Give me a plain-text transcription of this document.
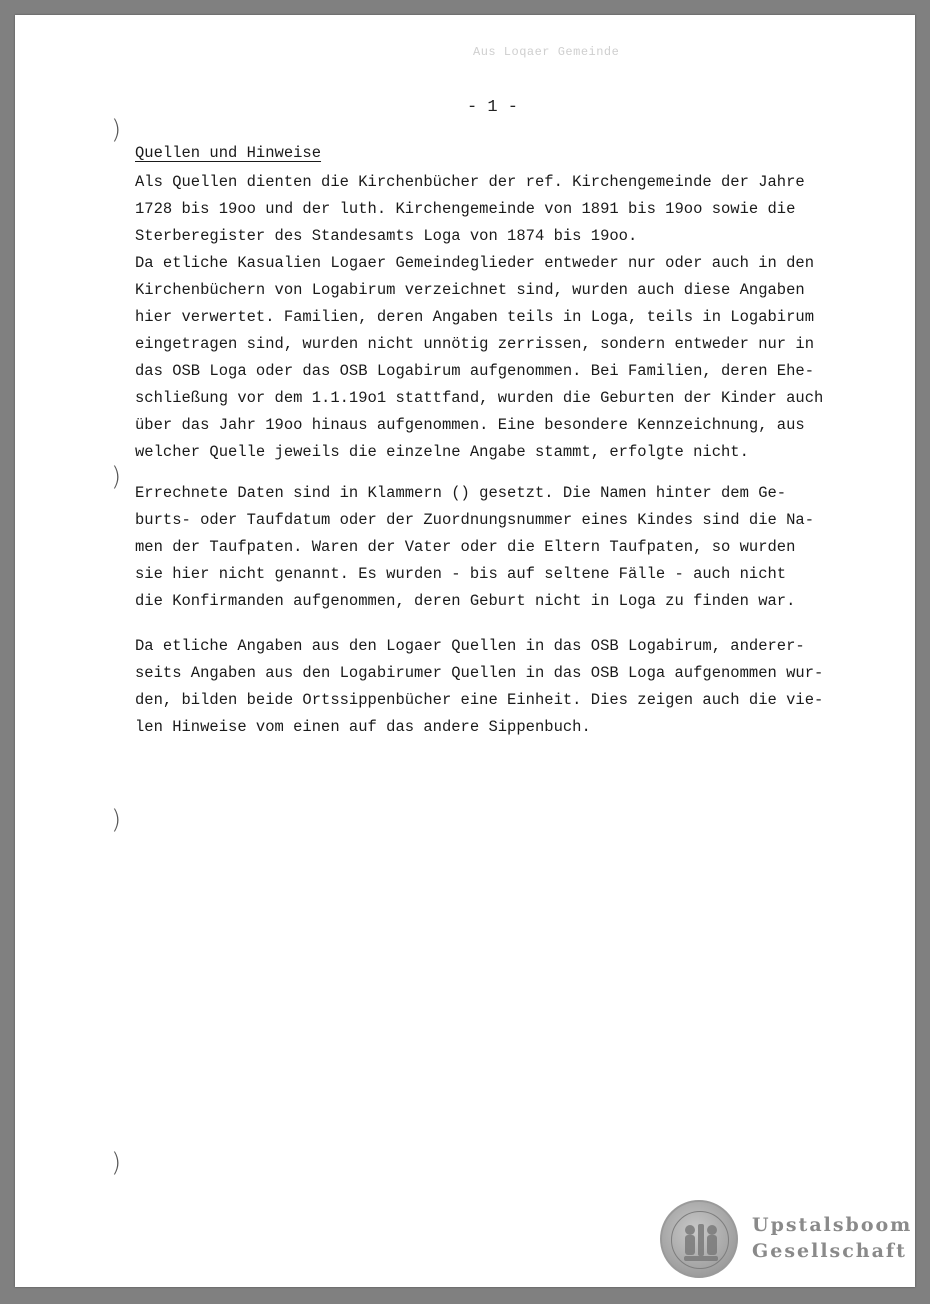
Aus Loqaer Gemeinde
- 1 -
)
)
)
)
Quellen und Hinweise

Als Quellen dienten die Kirchenbücher der ref. Kirchengemeinde der Jahre
1728 bis 19oo und der luth. Kirchengemeinde von 1891 bis 19oo sowie die
Sterberegister des Standesamts Loga von 1874 bis 19oo.
Da etliche Kasualien Logaer Gemeindeglieder entweder nur oder auch in den
Kirchenbüchern von Logabirum verzeichnet sind, wurden auch diese Angaben
hier verwertet. Familien, deren Angaben teils in Loga, teils in Logabirum
eingetragen sind, wurden nicht unnötig zerrissen, sondern entweder nur in
das OSB Loga oder das OSB Logabirum aufgenommen. Bei Familien, deren Ehe-
schließung vor dem 1.1.19o1 stattfand, wurden die Geburten der Kinder auch
über das Jahr 19oo hinaus aufgenommen. Eine besondere Kennzeichnung, aus
welcher Quelle jeweils die einzelne Angabe stammt, erfolgte nicht.

Errechnete Daten sind in Klammern () gesetzt. Die Namen hinter dem Ge-
burts- oder Taufdatum oder der Zuordnungsnummer eines Kindes sind die Na-
men der Taufpaten. Waren der Vater oder die Eltern Taufpaten, so wurden
sie hier nicht genannt. Es wurden - bis auf seltene Fälle - auch nicht
die Konfirmanden aufgenommen, deren Geburt nicht in Loga zu finden war.

Da etliche Angaben aus den Logaer Quellen in das OSB Logabirum, anderer-
seits Angaben aus den Logabirumer Quellen in das OSB Loga aufgenommen wur-
den, bilden beide Ortssippenbücher eine Einheit. Dies zeigen auch die vie-
len Hinweise vom einen auf das andere Sippenbuch.

Upstalsboom
Gesellschaft
